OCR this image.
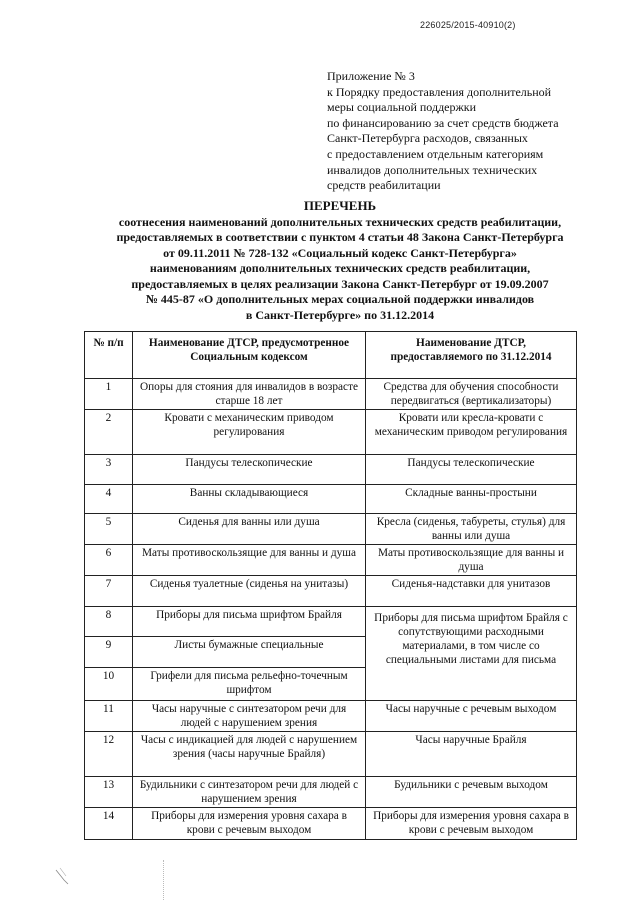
226025/2015-40910(2)
Приложение № 3
к Порядку предоставления дополнительной
меры социальной поддержки
по финансированию за счет средств бюджета
Санкт-Петербурга расходов, связанных
с предоставлением отдельным категориям
инвалидов дополнительных технических
средств реабилитации
ПЕРЕЧЕНЬ
соотнесения наименований дополнительных технических средств реабилитации,
предоставляемых в соответствии с пунктом 4 статьи 48 Закона Санкт-Петербурга
от 09.11.2011 № 728-132 «Социальный кодекс Санкт-Петербурга»
наименованиям дополнительных технических средств реабилитации,
предоставляемых в целях реализации Закона Санкт-Петербург от 19.09.2007
№ 445-87 «О дополнительных мерах социальной поддержки инвалидов
в Санкт-Петербурге» по 31.12.2014
№ п/п	Наименование ДТСР, предусмотренное Социальным кодексом	Наименование ДТСР, предоставляемого по 31.12.2014
1	Опоры для стояния для инвалидов в возрасте старше 18 лет	Средства для обучения способности передвигаться (вертикализаторы)
2	Кровати с механическим приводом регулирования	Кровати или кресла-кровати с механическим приводом регулирования
3	Пандусы телескопические	Пандусы телескопические
4	Ванны складывающиеся	Складные ванны-простыни
5	Сиденья для ванны или душа	Кресла (сиденья, табуреты, стулья) для ванны или душа
6	Маты противоскользящие для ванны и душа	Маты противоскользящие для ванны и душа
7	Сиденья туалетные (сиденья на унитазы)	Сиденья-надставки для унитазов
8	Приборы для письма шрифтом Брайля	Приборы для письма шрифтом Брайля с сопутствующими расходными материалами, в том числе со специальными листами для письма
9	Листы бумажные специальные	
10	Грифели для письма рельефно-точечным шрифтом	
11	Часы наручные с синтезатором речи для людей с нарушением зрения	Часы наручные с речевым выходом
12	Часы с индикацией для людей с нарушением зрения (часы наручные Брайля)	Часы наручные Брайля
13	Будильники с синтезатором речи для людей с нарушением зрения	Будильники с речевым выходом
14	Приборы для измерения уровня сахара в крови с речевым выходом	Приборы для измерения уровня сахара в крови с речевым выходом
